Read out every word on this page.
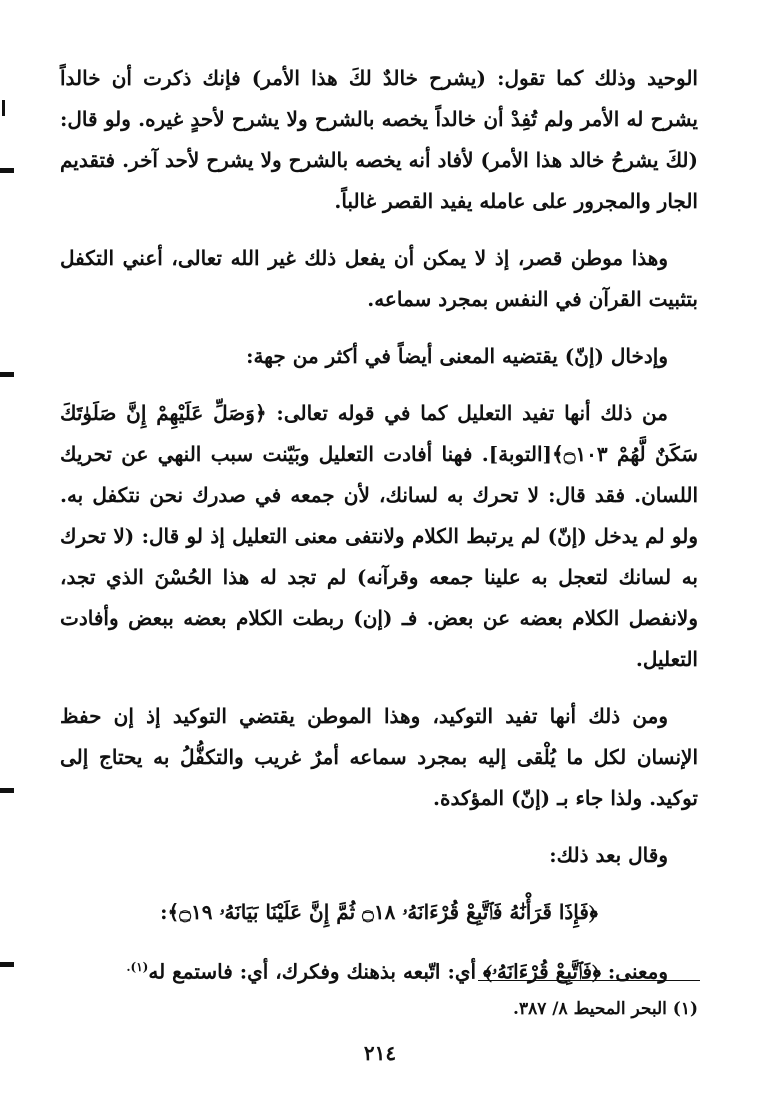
الوحيد وذلك كما تقول: (يشرح خالدٌ لكَ هذا الأمر) فإنك ذكرت أن خالداً يشرح له الأمر ولم تُفِدْ أن خالداً يخصه بالشرح ولا يشرح لأحدٍ غيره. ولو قال: (لكَ يشرحُ خالد هذا الأمر) لأفاد أنه يخصه بالشرح ولا يشرح لأحد آخر. فتقديم الجار والمجرور على عامله يفيد القصر غالباً.

وهذا موطن قصر، إذ لا يمكن أن يفعل ذلك غير الله تعالى، أعني التكفل بتثبيت القرآن في النفس بمجرد سماعه.

وإدخال (إنّ) يقتضيه المعنى أيضاً في أكثر من جهة:

من ذلك أنها تفيد التعليل كما في قوله تعالى: ﴿وَصَلِّ عَلَيْهِمْ إِنَّ صَلَوٰتَكَ سَكَنٌ لَّهُمْ ۝١٠٣﴾[التوبة]. فهنا أفادت التعليل وبَيّنت سبب النهي عن تحريك اللسان. فقد قال: لا تحرك به لسانك، لأن جمعه في صدرك نحن نتكفل به. ولو لم يدخل (إنّ) لم يرتبط الكلام ولانتفى معنى التعليل إذ لو قال: (لا تحرك به لسانك لتعجل به علينا جمعه وقرآنه) لم تجد له هذا الحُسْنَ الذي تجد، ولانفصل الكلام بعضه عن بعض. فـ (إن) ربطت الكلام بعضه ببعض وأفادت التعليل.

ومن ذلك أنها تفيد التوكيد، وهذا الموطن يقتضي التوكيد إذ إن حفظ الإنسان لكل ما يُلْقى إليه بمجرد سماعه أمرٌ غريب والتكفُّلُ به يحتاج إلى توكيد. ولذا جاء بـ (إنّ) المؤكدة.

وقال بعد ذلك:

﴿فَإِذَا قَرَأْنَٰهُ فَٱتَّبِعْ قُرْءَانَهُۥ ۝١٨ ثُمَّ إِنَّ عَلَيْنَا بَيَانَهُۥ ۝١٩﴾:

ومعنى: ﴿فَٱتَّبِعْ قُرْءَانَهُۥ﴾ أي: اتّبعه بذهنك وفكرك، أي: فاستمع له$^{(١).}$

(١) البحر المحيط ٨/ ٣٨٧.
٢١٤
